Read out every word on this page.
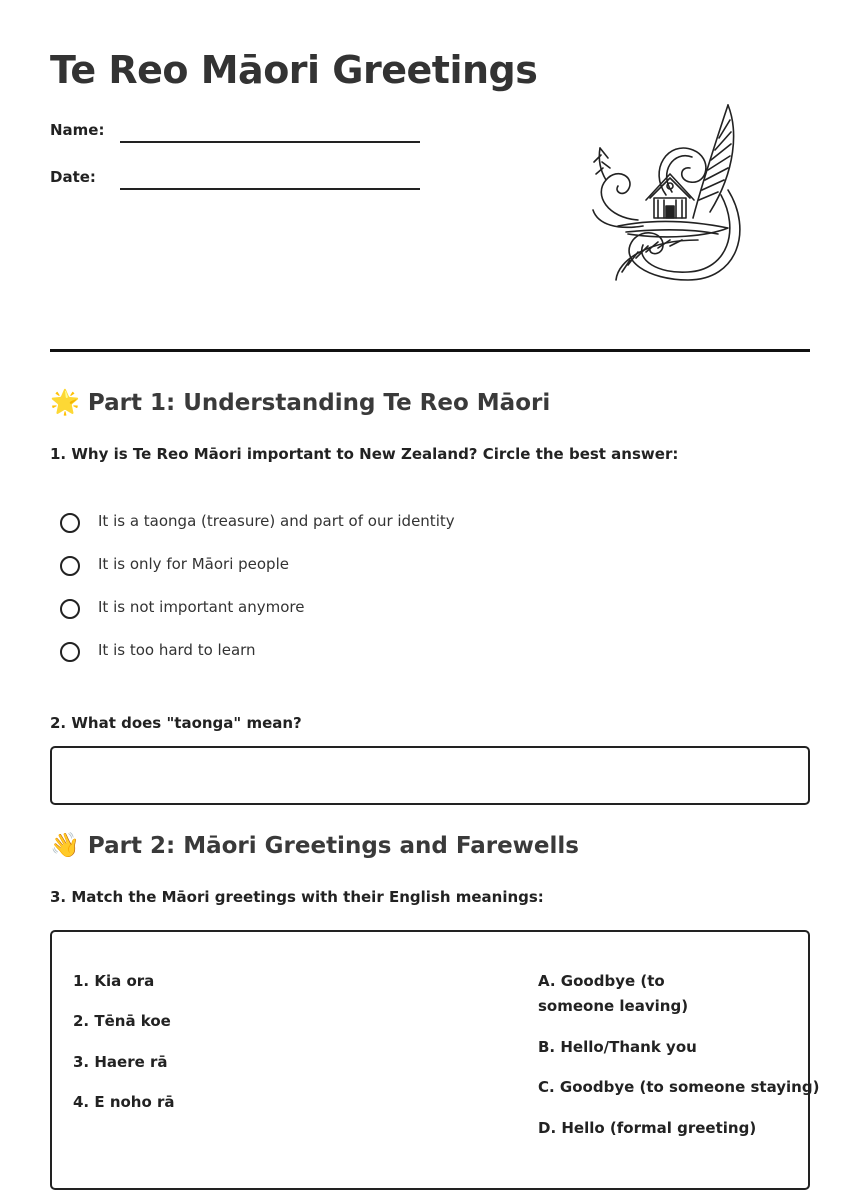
Te Reo Māori Greetings
Name:
Date:
🌟 Part 1: Understanding Te Reo Māori
1. Why is Te Reo Māori important to New Zealand? Circle the best answer:
It is a taonga (treasure) and part of our identity
It is only for Māori people
It is not important anymore
It is too hard to learn
2. What does "taonga" mean?
👋 Part 2: Māori Greetings and Farewells
3. Match the Māori greetings with their English meanings:
1. Kia ora
2. Tēnā koe
3. Haere rā
4. E noho rā
A. Goodbye (to someone leaving)
B. Hello/Thank you
C. Goodbye (to someone staying)
D. Hello (formal greeting)
